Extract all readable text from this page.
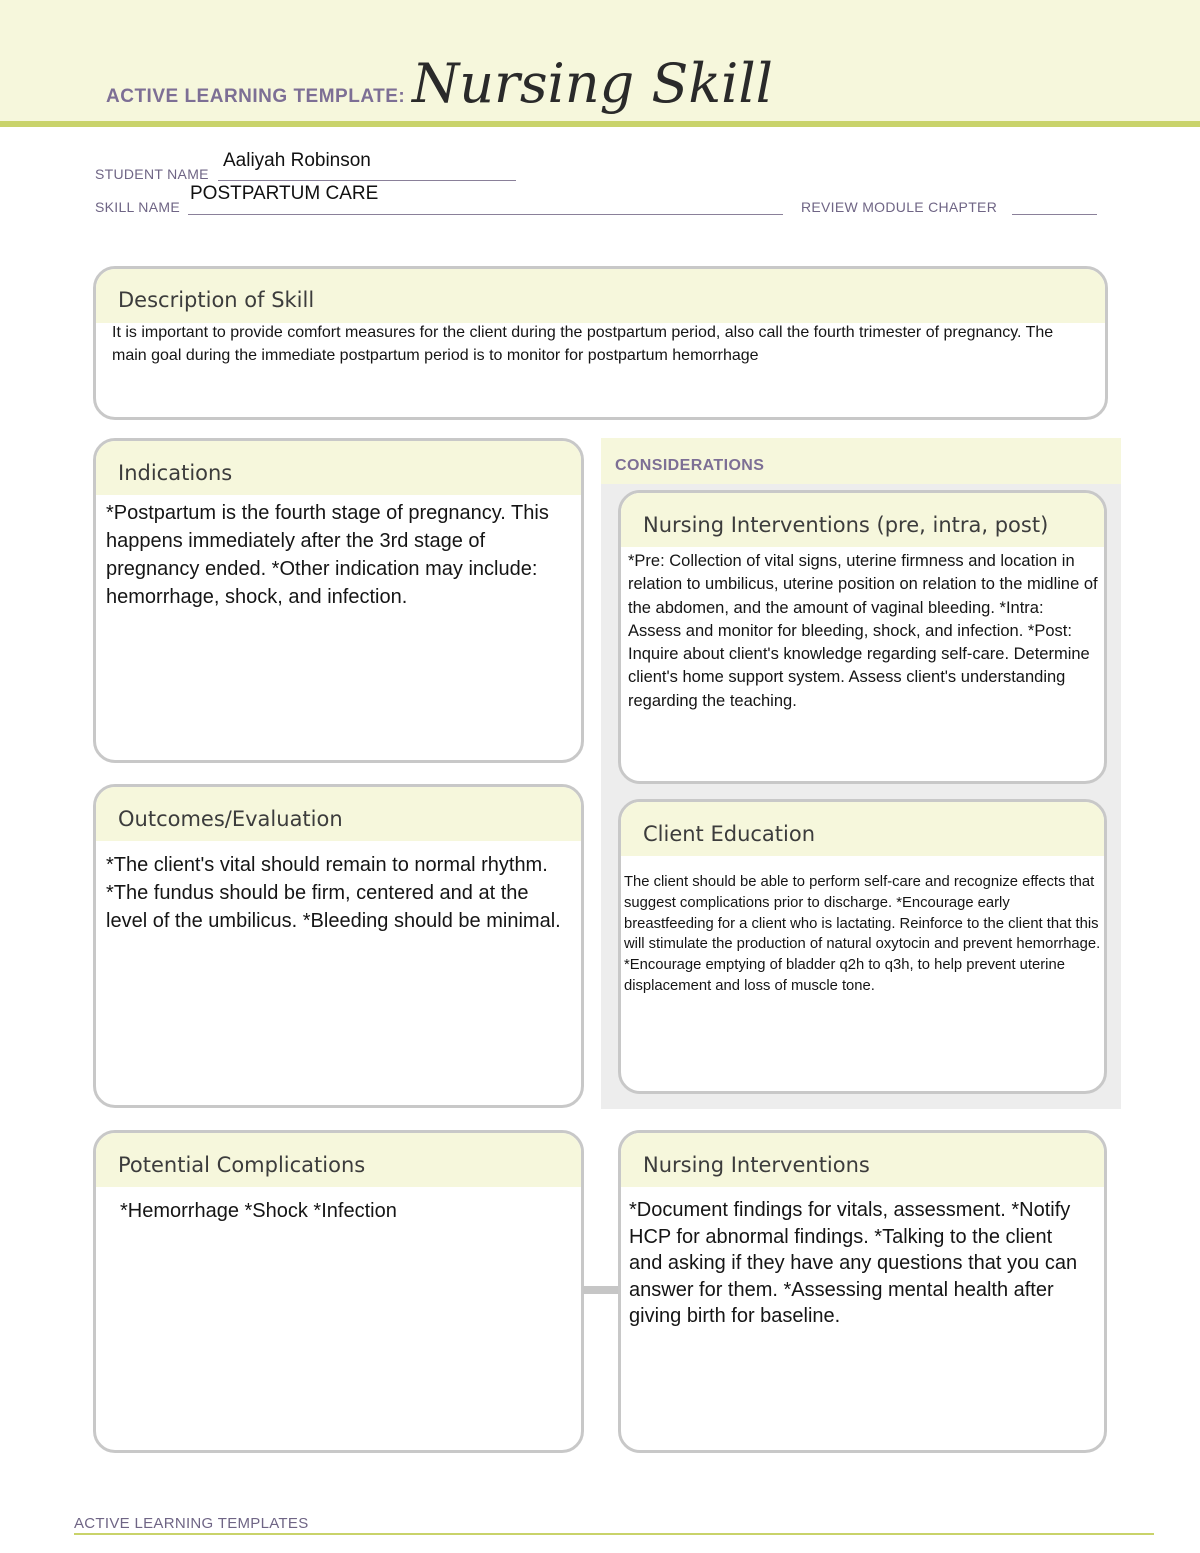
ACTIVE LEARNING TEMPLATE: Nursing Skill
STUDENT NAME
Aaliyah Robinson
SKILL NAME
POSTPARTUM CARE
REVIEW MODULE CHAPTER
Description of Skill
It is important to provide comfort measures for the client during the postpartum period, also call the fourth trimester of pregnancy. The main goal during the immediate postpartum period is to monitor for postpartum hemorrhage
CONSIDERATIONS
Indications
*Postpartum is the fourth stage of pregnancy. This happens immediately after the 3rd stage of pregnancy ended. *Other indication may include: hemorrhage, shock, and infection.
Nursing Interventions (pre, intra, post)
*Pre: Collection of vital signs, uterine firmness and location in relation to umbilicus, uterine position on relation to the midline of the abdomen, and the amount of vaginal bleeding. *Intra: Assess and monitor for bleeding, shock, and infection. *Post: Inquire about client's knowledge regarding self-care. Determine client's home support system. Assess client's understanding regarding the teaching.
Outcomes/Evaluation
*The client's vital should remain to normal rhythm. *The fundus should be firm, centered and at the level of the umbilicus. *Bleeding should be minimal.
Client Education
The client should be able to perform self-care and recognize effects that suggest complications prior to discharge. *Encourage early breastfeeding for a client who is lactating. Reinforce to the client that this will stimulate the production of natural oxytocin and prevent hemorrhage. *Encourage emptying of bladder q2h to q3h, to help prevent uterine displacement and loss of muscle tone.
Potential Complications
*Hemorrhage *Shock *Infection
Nursing Interventions
*Document findings for vitals, assessment. *Notify HCP for abnormal findings. *Talking to the client and asking if they have any questions that you can answer for them. *Assessing mental health after giving birth for baseline.
ACTIVE LEARNING TEMPLATES
